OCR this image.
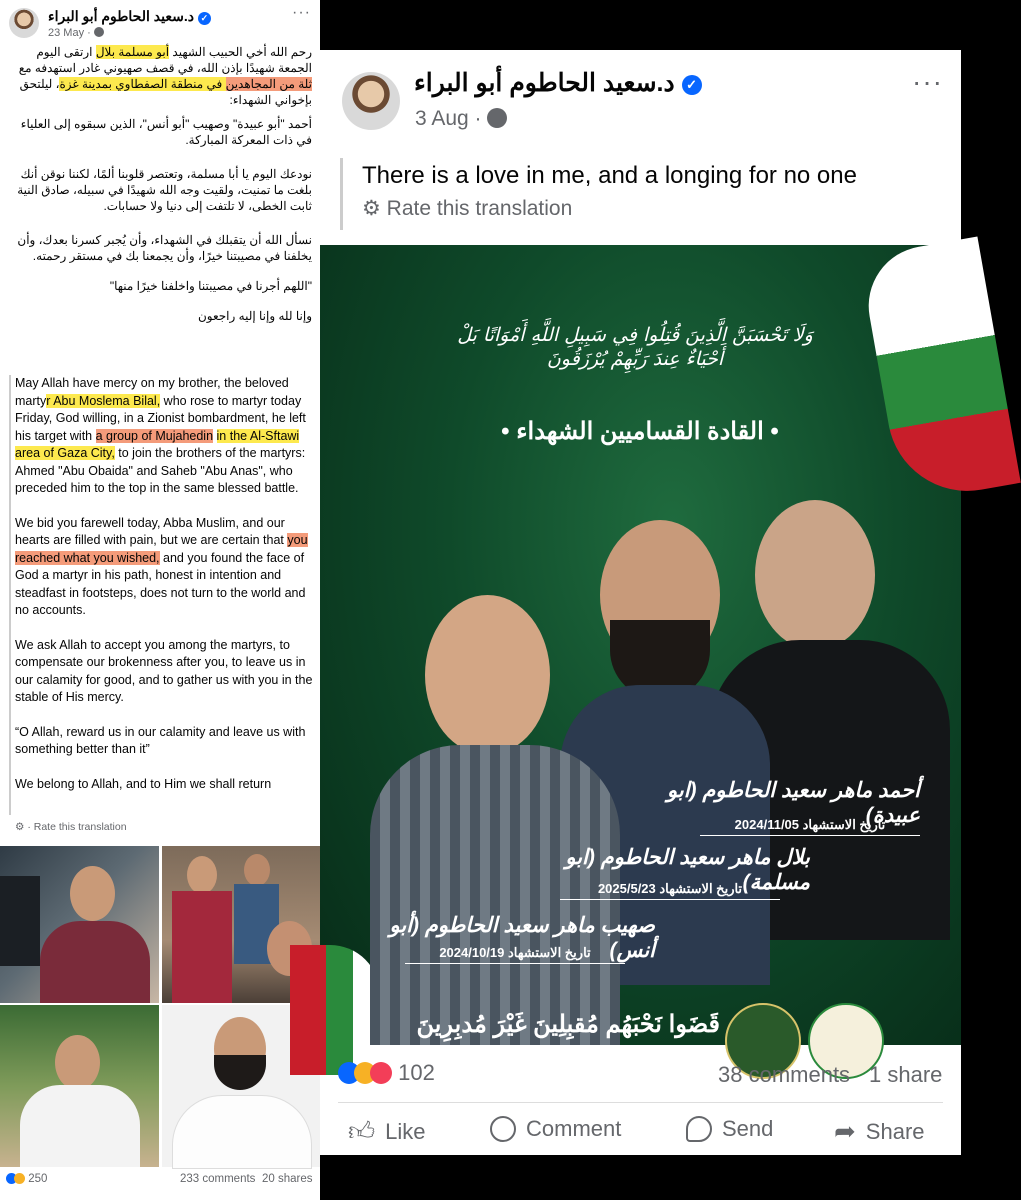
د.سعيد الحاطوم أبو البراء ✓
23 May ·
···

رحم الله أخي الحبيب الشهيد أبو مسلمة بلال ارتقى اليوم الجمعة شهيدًا بإذن الله، في قصف صهيوني غادر استهدفه مع ثلة من المجاهدين في منطقة الصفطاوي بمدينة غزة، ليلتحق بإخواني الشهداء:

أحمد "أبو عبيدة" وصهيب "أبو أنس"، الذين سبقوه إلى العلياء في ذات المعركة المباركة.

نودعك اليوم يا أبا مسلمة، وتعتصر قلوبنا ألمًا، لكننا نوقن أنك بلغت ما تمنيت، ولقيت وجه الله شهيدًا في سبيله، صادق النية ثابت الخطى، لا تلتفت إلى دنيا ولا حسابات.

نسأل الله أن يتقبلك في الشهداء، وأن يُجبر كسرنا بعدك، وأن يخلفنا في مصيبتنا خيرًا، وأن يجمعنا بك في مستقر رحمته.

"اللهم أجرنا في مصيبتنا واخلفنا خيرًا منها"

وإنا لله وإنا إليه راجعون

May Allah have mercy on my brother, the beloved martyr Abu Moslema Bilal, who rose to martyr today Friday, God willing, in a Zionist bombardment, he left his target with a group of Mujahedin in the Al-Sftawi area of Gaza City, to join the brothers of the martyrs:
Ahmed "Abu Obaida" and Saheb "Abu Anas", who preceded him to the top in the same blessed battle.

We bid you farewell today, Abba Muslim, and our hearts are filled with pain, but we are certain that you reached what you wished, and you found the face of God a martyr in his path, honest in intention and steadfast in footsteps, does not turn to the world and no accounts.

We ask Allah to accept you among the martyrs, to compensate our brokenness after you, to leave us in our calamity for good, and to gather us with you in the stable of His mercy.

“O Allah, reward us in our calamity and leave us with something better than it”

We belong to Allah, and to Him we shall return

⚙ · Rate this translation
250	233 comments 20 shares
د.سعيد الحاطوم أبو البراء ✓
3 Aug ·
···
There is a love in me, and a longing for no one
⚙ Rate this translation
وَلَا تَحْسَبَنَّ الَّذِينَ قُتِلُوا فِي سَبِيلِ اللَّهِ أَمْوَاتًا بَلْ أَحْيَاءٌ عِندَ رَبِّهِمْ يُرْزَقُونَ
• القادة القساميين الشهداء •
أحمد ماهر سعيد الحاطوم (ابو عبيدة)
تاريخ الاستشهاد 2024/11/05
بلال ماهر سعيد الحاطوم (ابو مسلمة)
تاريخ الاستشهاد 2025/5/23
صهيب ماهر سعيد الحاطوم (أبو أنس)
تاريخ الاستشهاد 2024/10/19
قَضَوا نَحْبَهُم مُقبِلِينَ غَيْرَ مُدبِرِينَ في
102	38 comments 1 share
👍︎ Like	Comment	Send ➦ Share
